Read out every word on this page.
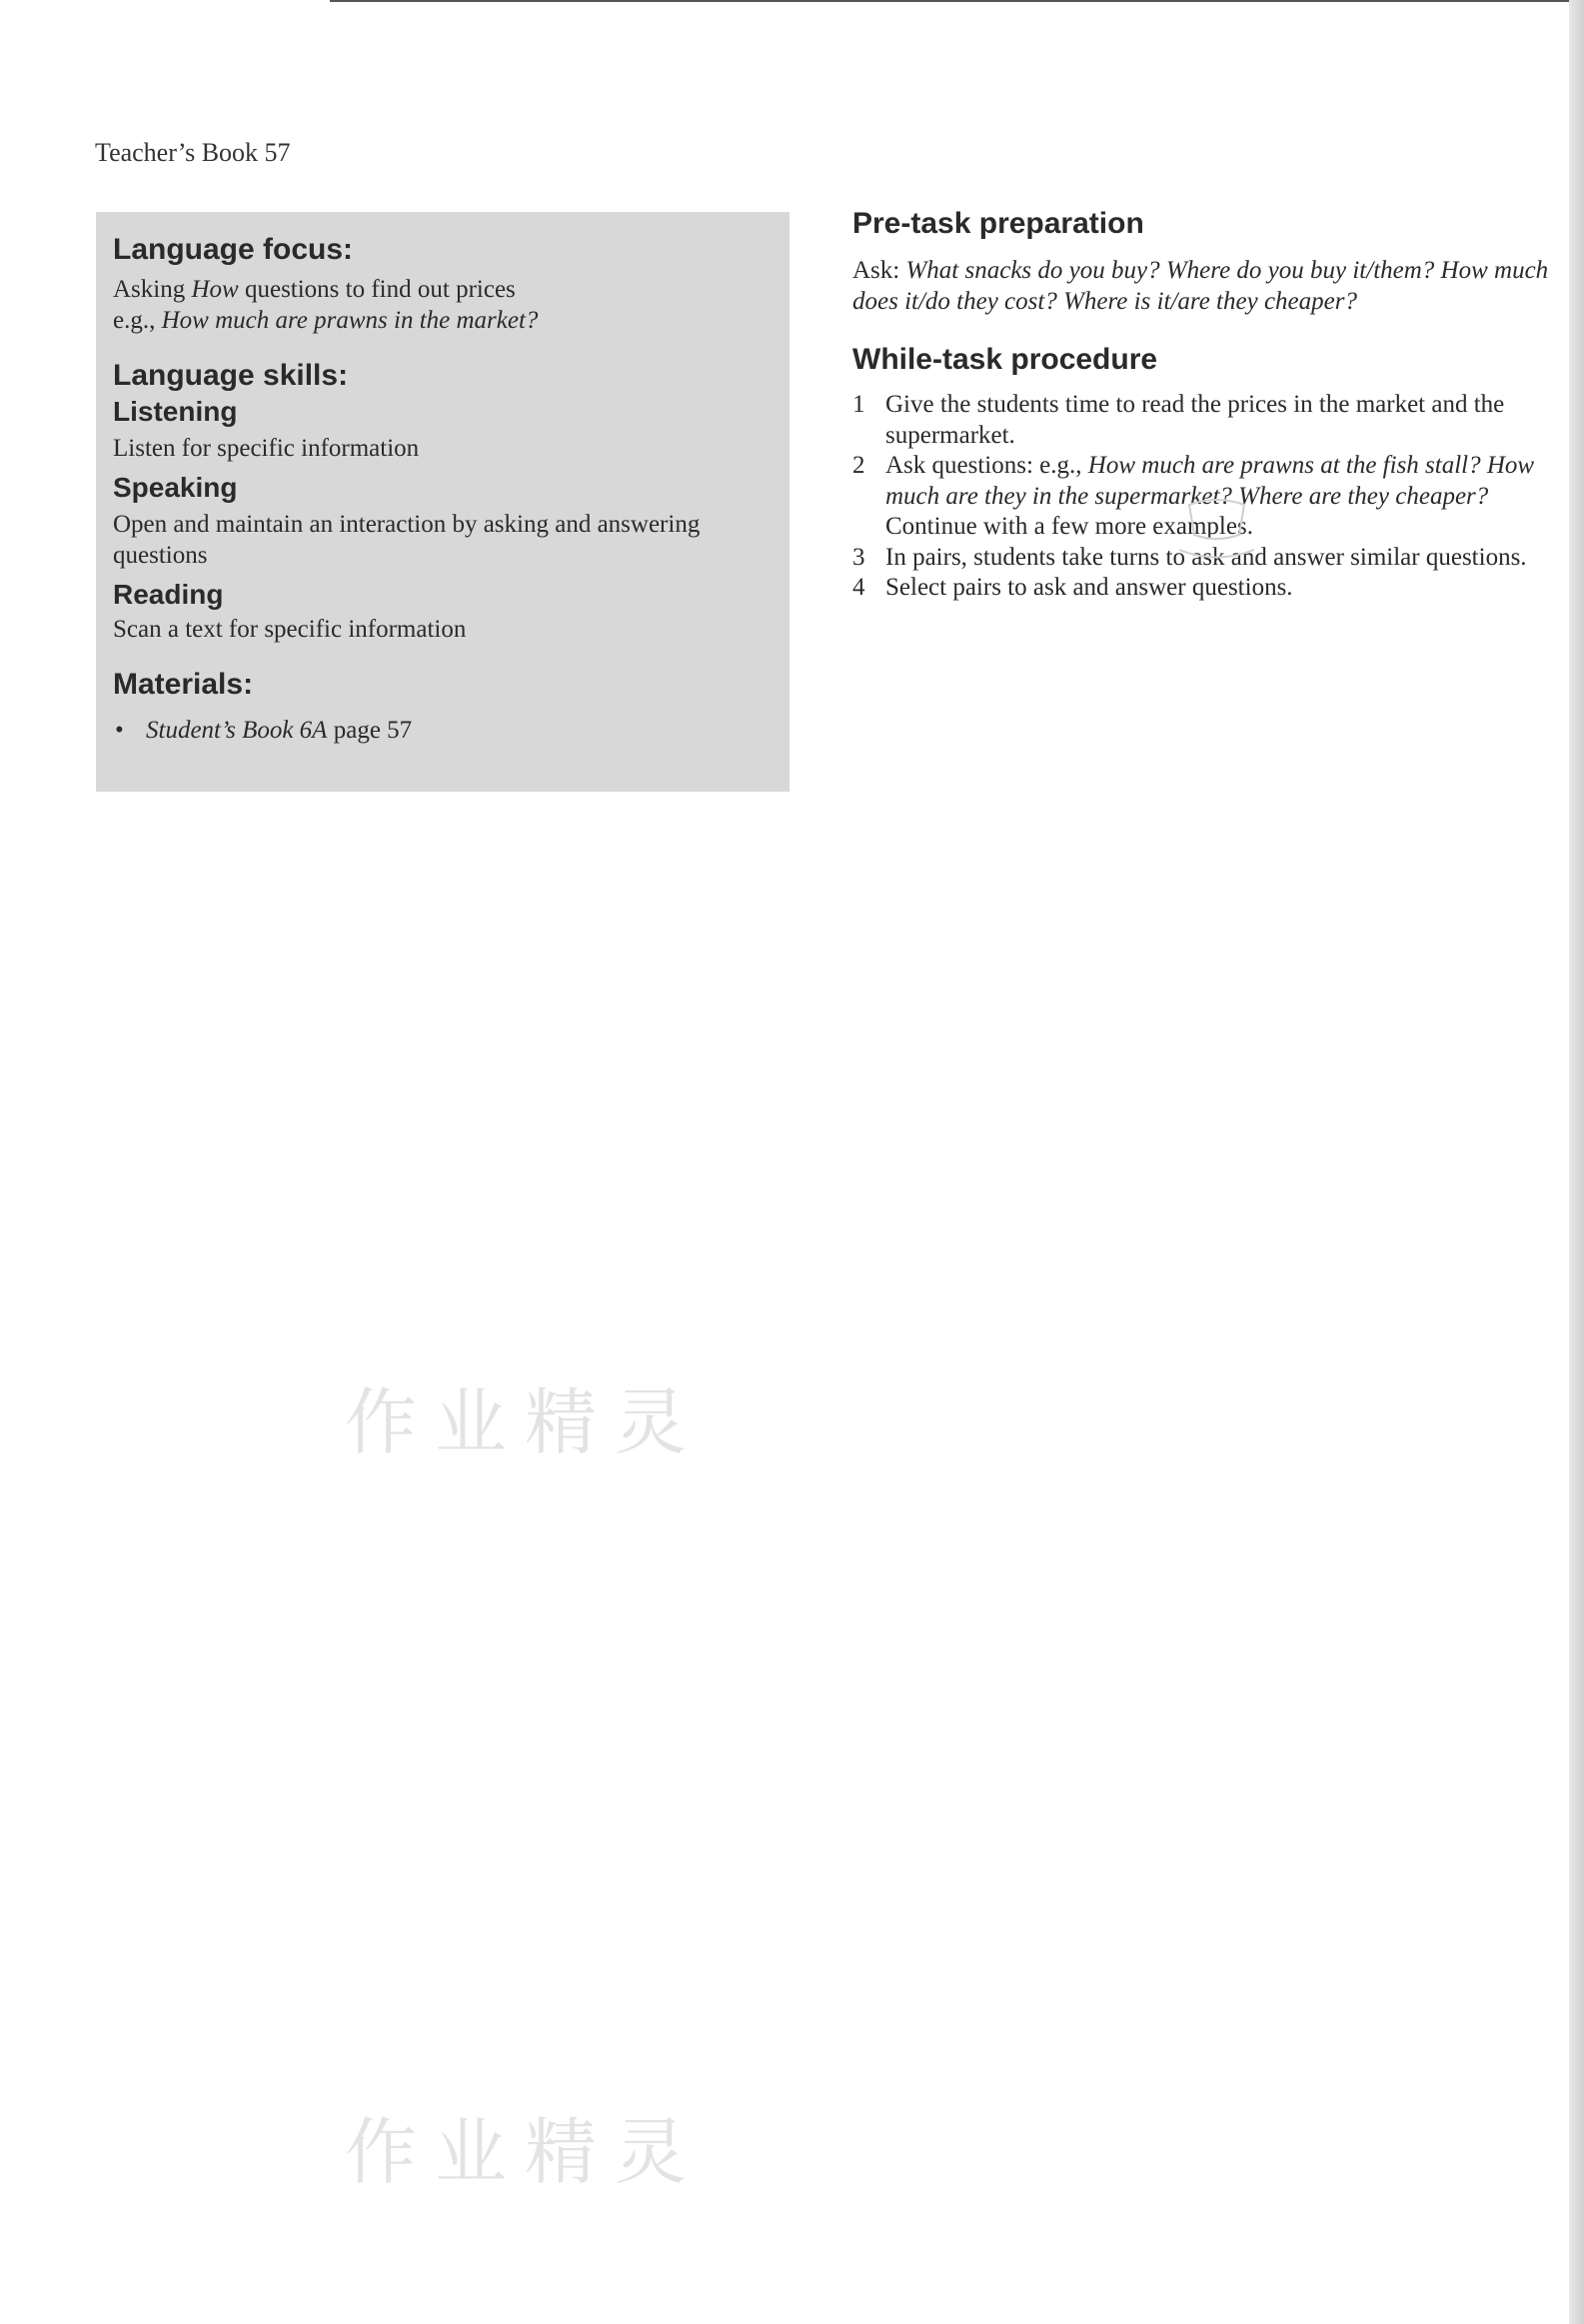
Teacher’s Book 57
Language focus:

Asking How questions to find out prices

e.g., How much are prawns in the market?

Language skills:
Listening

Listen for specific information

Speaking

Open and maintain an interaction by asking and answering questions

Reading

Scan a text for specific information

Materials:
• Student’s Book 6A page 57
Pre-task preparation

Ask: What snacks do you buy? Where do you buy it/them? How much does it/do they cost? Where is it/are they cheaper?

While-task procedure
1 Give the students time to read the prices in the market and the supermarket.
2 Ask questions: e.g., How much are prawns at the fish stall? How much are they in the supermarket? Where are they cheaper? Continue with a few more examples.
3 In pairs, students take turns to ask and answer similar questions.
4 Select pairs to ask and answer questions.
作业精灵
作业精灵
